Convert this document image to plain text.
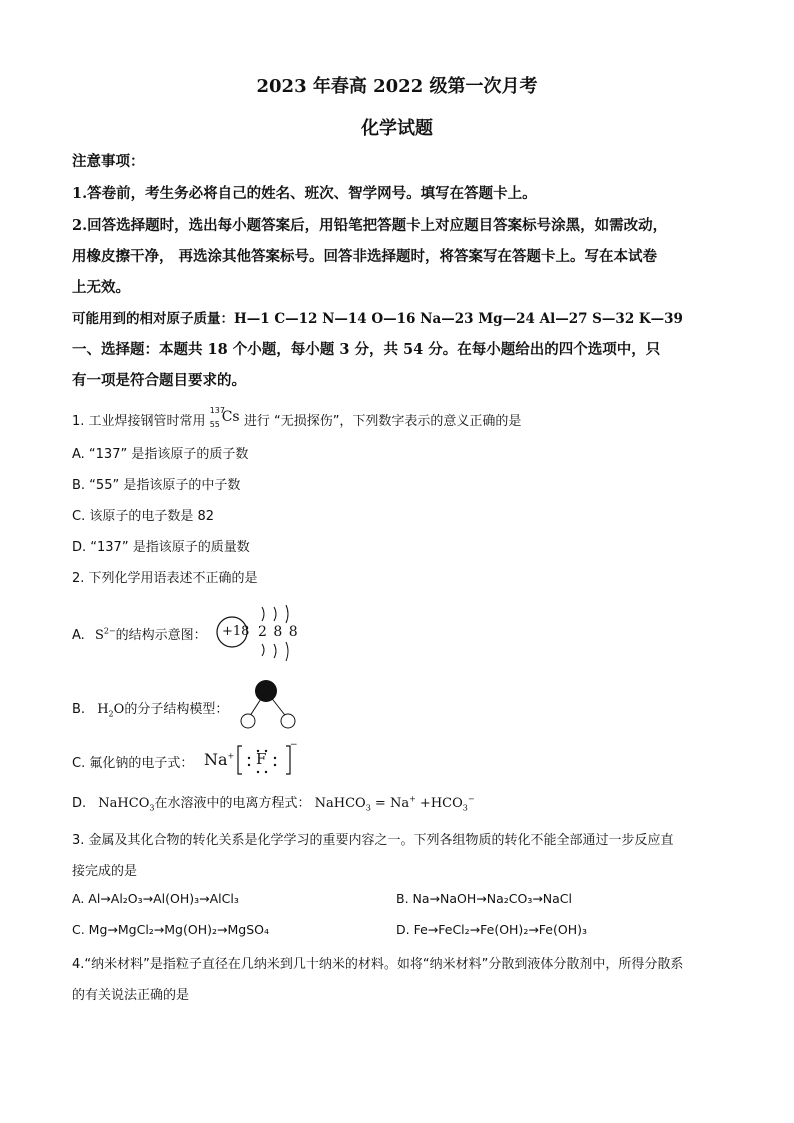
2023 年春高 2022 级第一次月考
化学试题
注意事项：
1.答卷前，考生务必将自己的姓名、班次、智学网号。填写在答题卡上。
2.回答选择题时，选出每小题答案后，用铅笔把答题卡上对应题目答案标号涂黑，如需改动，
用橡皮擦干净， 再选涂其他答案标号。回答非选择题时，将答案写在答题卡上。写在本试卷
上无效。
可能用到的相对原子质量：H—1 C—12 N—14 O—16 Na—23 Mg—24 Al—27 S—32 K—39
一、选择题：本题共 18 个小题，每小题 3 分，共 54 分。在每小题给出的四个选项中，只
有一项是符合题目要求的。
1. 工业焊接钢管时常用
137
55 Cs 进行 “无损探伤”，下列数字表示的意义正确的是
A. “137” 是指该原子的质子数
B. “55” 是指该原子的中子数
C. 该原子的电子数是 82
D. “137” 是指该原子的质量数
2. 下列化学用语表述不正确的是
A. $S^{2-}$的结构示意图： +18 2 8 8
B. $H_2O$的分子结构模型：
C. 氟化钠的电子式： Na+ F
−
D. NaHCO$_3$在水溶液中的电离方程式： NaHCO$_3$ = $Na^+ +HCO_3^-$
3. 金属及其化合物的转化关系是化学学习的重要内容之一。下列各组物质的转化不能全部通过一步反应直
接完成的是
A. Al→Al₂O₃→Al(OH)₃→AlCl₃	B. Na→NaOH→Na₂CO₃→NaCl
C. Mg→MgCl₂→Mg(OH)₂→MgSO₄	D. Fe→FeCl₂→Fe(OH)₂→Fe(OH)₃
4.“纳米材料”是指粒子直径在几纳米到几十纳米的材料。如将“纳米材料”分散到液体分散剂中，所得分散系
的有关说法正确的是
